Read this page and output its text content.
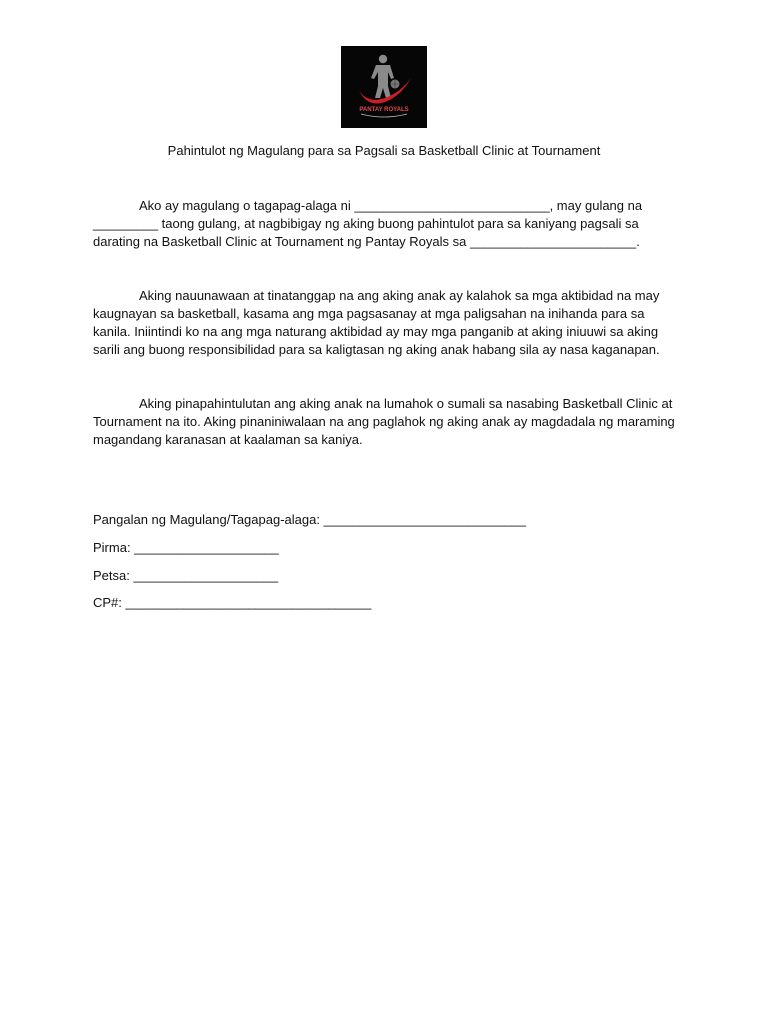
PANTAY ROYALS
Pahintulot ng Magulang para sa Pagsali sa Basketball Clinic at Tournament

Ako ay magulang o tagapag-alaga ni ___________________________, may gulang na _________ taong gulang, at nagbibigay ng aking buong pahintulot para sa kaniyang pagsali sa darating na Basketball Clinic at Tournament ng Pantay Royals sa _______________________.

Aking nauunawaan at tinatanggap na ang aking anak ay kalahok sa mga aktibidad na may kaugnayan sa basketball, kasama ang mga pagsasanay at mga paligsahan na inihanda para sa kanila. Iniintindi ko na ang mga naturang aktibidad ay may mga panganib at aking iniuuwi sa aking sarili ang buong responsibilidad para sa kaligtasan ng aking anak habang sila ay nasa kaganapan.

Aking pinapahintulutan ang aking anak na lumahok o sumali sa nasabing Basketball Clinic at Tournament na ito. Aking pinaniniwalaan na ang paglahok ng aking anak ay magdadala ng maraming magandang karanasan at kaalaman sa kaniya.

Pangalan ng Magulang/Tagapag-alaga: ____________________________
Pirma: ____________________
Petsa: ____________________
CP#: __________________________________
